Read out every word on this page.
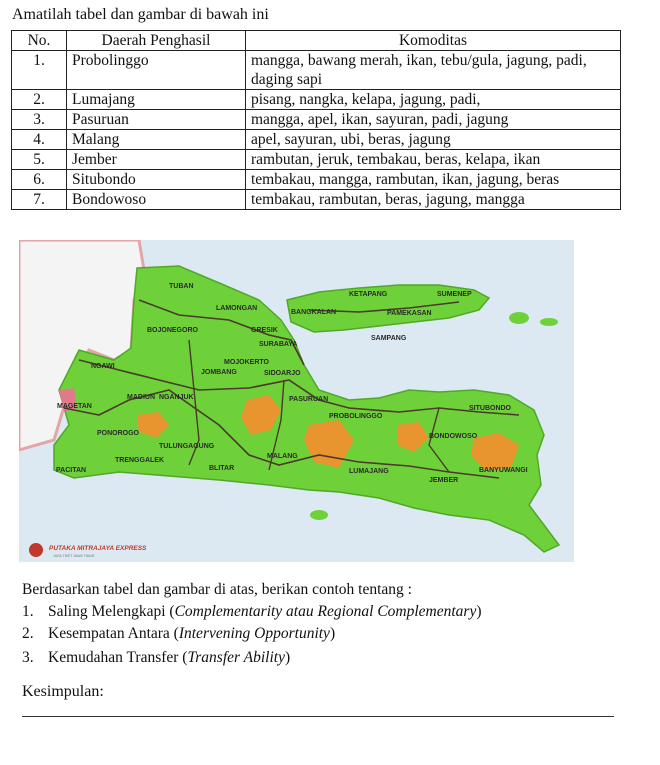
Amatilah tabel dan gambar di bawah ini
No.	Daerah Penghasil	Komoditas
1.	Probolinggo	mangga, bawang merah, ikan, tebu/gula, jagung, padi, daging sapi
2.	Lumajang	pisang, nangka, kelapa, jagung, padi,
3.	Pasuruan	mangga, apel, ikan, sayuran, padi, jagung
4.	Malang	apel, sayuran, ubi, beras, jagung
5.	Jember	rambutan, jeruk, tembakau, beras, kelapa, ikan
6.	Situbondo	tembakau, mangga, rambutan, ikan, jagung, beras
7.	Bondowoso	tembakau, rambutan, beras, jagung, mangga
TUBAN
LAMONGAN
BOJONEGORO	GRESIK
SURABAYA
BANGKALAN
KETAPANG	SUMENEP
PAMEKASAN
SAMPANG
NGAWI
MOJOKERTO
JOMBANG	SIDOARJO
MADIUN NGANJUK
MAGETAN
PASURUAN
PROBOLINGGO
SITUBONDO
PONOROGO	BONDOWOSO
TULUNGAGUNG
MALANG
TRENGGALEK
BLITAR
PACITAN	LUMAJANG
JEMBER
BANYUWANGI
PUTAKA MITRAJAYA EXPRESS
JASA TIKET JAWA TIMUR
Berdasarkan tabel dan gambar di atas, berikan contoh tentang :
1. Saling Melengkapi (Complementarity atau Regional Complementary)
2. Kesempatan Antara (Intervening Opportunity)
3. Kemudahan Transfer (Transfer Ability)
Kesimpulan:
